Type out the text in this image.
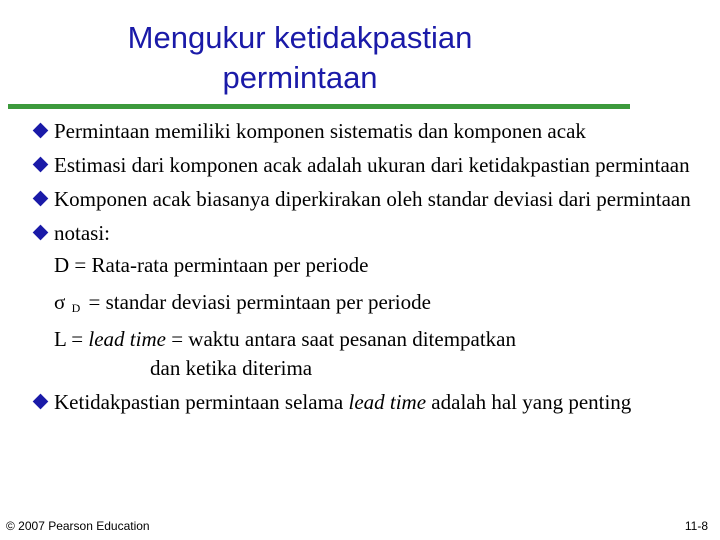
Mengukur ketidakpastian
permintaan
Permintaan memiliki komponen sistematis dan komponen acak
Estimasi dari komponen acak adalah ukuran dari ketidakpastian permintaan
Komponen acak biasanya diperkirakan oleh standar deviasi dari permintaan
notasi:
D = Rata-rata permintaan per periode
σ $_D$ = standar deviasi permintaan per periode
L = lead time = waktu antara saat pesanan ditempatkan
dan ketika diterima
Ketidakpastian permintaan selama lead time adalah hal yang penting
© 2007 Pearson Education	11-8
